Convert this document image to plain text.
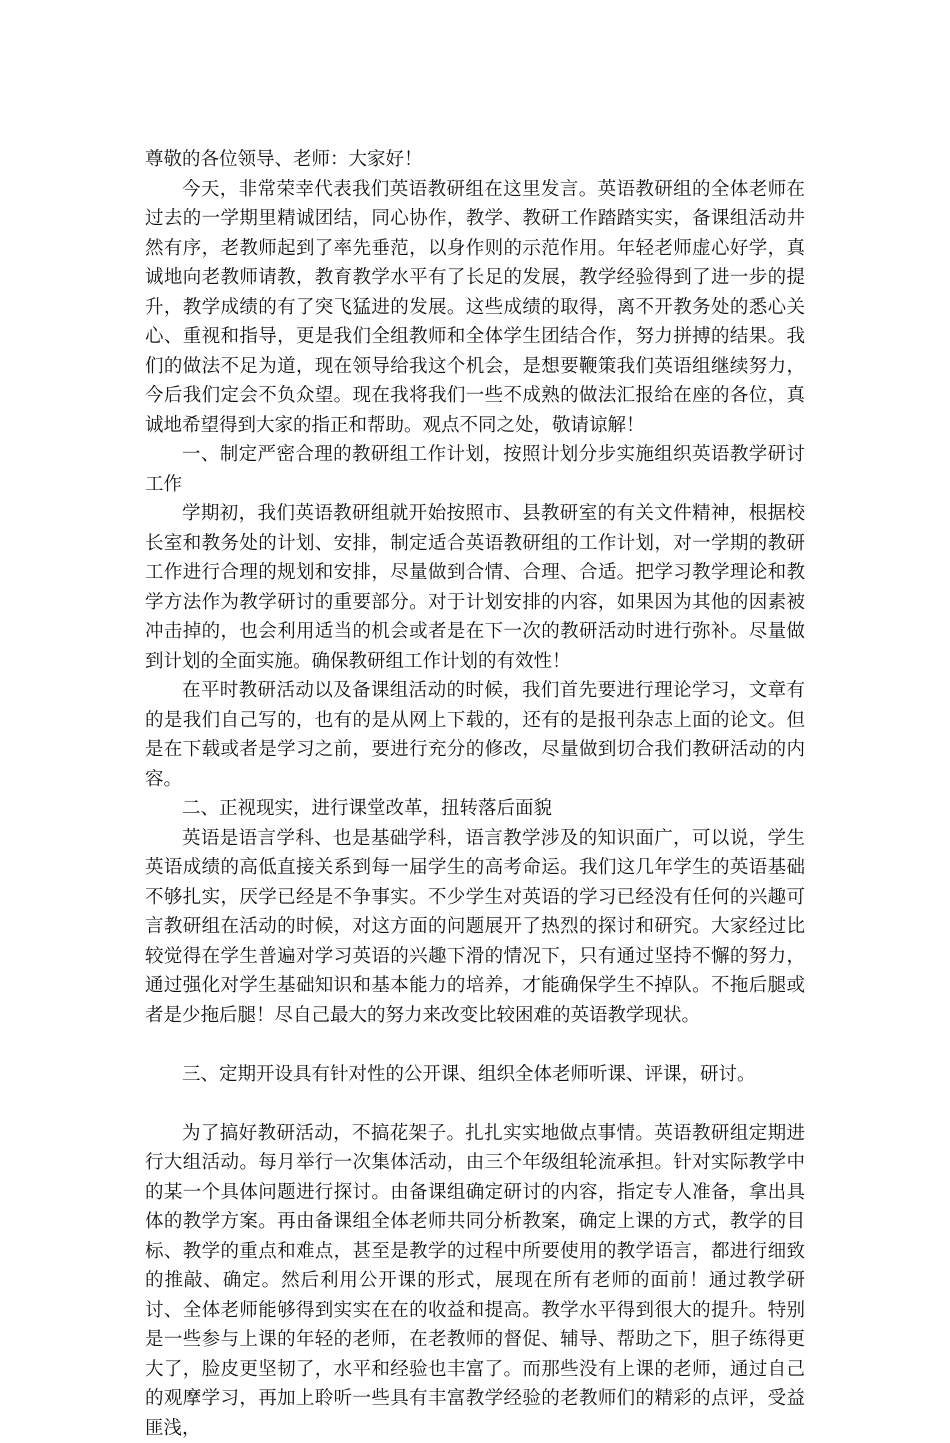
尊敬的各位领导、老师：大家好！

今天，非常荣幸代表我们英语教研组在这里发言。英语教研组的全体老师在过去的一学期里精诚团结，同心协作，教学、教研工作踏踏实实，备课组活动井然有序，老教师起到了率先垂范，以身作则的示范作用。年轻老师虚心好学，真诚地向老教师请教，教育教学水平有了长足的发展，教学经验得到了进一步的提升，教学成绩的有了突飞猛进的发展。这些成绩的取得，离不开教务处的悉心关心、重视和指导，更是我们全组教师和全体学生团结合作，努力拼搏的结果。我们的做法不足为道，现在领导给我这个机会，是想要鞭策我们英语组继续努力，今后我们定会不负众望。现在我将我们一些不成熟的做法汇报给在座的各位，真诚地希望得到大家的指正和帮助。观点不同之处，敬请谅解！

一、制定严密合理的教研组工作计划，按照计划分步实施组织英语教学研讨工作

学期初，我们英语教研组就开始按照市、县教研室的有关文件精神，根据校长室和教务处的计划、安排，制定适合英语教研组的工作计划，对一学期的教研工作进行合理的规划和安排，尽量做到合情、合理、合适。把学习教学理论和教学方法作为教学研讨的重要部分。对于计划安排的内容，如果因为其他的因素被冲击掉的，也会利用适当的机会或者是在下一次的教研活动时进行弥补。尽量做到计划的全面实施。确保教研组工作计划的有效性！

在平时教研活动以及备课组活动的时候，我们首先要进行理论学习，文章有的是我们自己写的，也有的是从网上下载的，还有的是报刊杂志上面的论文。但是在下载或者是学习之前，要进行充分的修改，尽量做到切合我们教研活动的内容。

二、正视现实，进行课堂改革，扭转落后面貌

英语是语言学科、也是基础学科，语言教学涉及的知识面广，可以说，学生英语成绩的高低直接关系到每一届学生的高考命运。我们这几年学生的英语基础不够扎实，厌学已经是不争事实。不少学生对英语的学习已经没有任何的兴趣可言教研组在活动的时候，对这方面的问题展开了热烈的探讨和研究。大家经过比较觉得在学生普遍对学习英语的兴趣下滑的情况下，只有通过坚持不懈的努力，通过强化对学生基础知识和基本能力的培养，才能确保学生不掉队。不拖后腿或者是少拖后腿！尽自己最大的努力来改变比较困难的英语教学现状。

三、定期开设具有针对性的公开课、组织全体老师听课、评课，研讨。

为了搞好教研活动，不搞花架子。扎扎实实地做点事情。英语教研组定期进行大组活动。每月举行一次集体活动，由三个年级组轮流承担。针对实际教学中的某一个具体问题进行探讨。由备课组确定研讨的内容，指定专人准备，拿出具体的教学方案。再由备课组全体老师共同分析教案，确定上课的方式，教学的目标、教学的重点和难点，甚至是教学的过程中所要使用的教学语言，都进行细致的推敲、确定。然后利用公开课的形式，展现在所有老师的面前！通过教学研讨、全体老师能够得到实实在在的收益和提高。教学水平得到很大的提升。特别是一些参与上课的年轻的老师，在老教师的督促、辅导、帮助之下，胆子练得更大了，脸皮更坚韧了，水平和经验也丰富了。而那些没有上课的老师，通过自己的观摩学习，再加上聆听一些具有丰富教学经验的老教师们的精彩的点评，受益匪浅，
